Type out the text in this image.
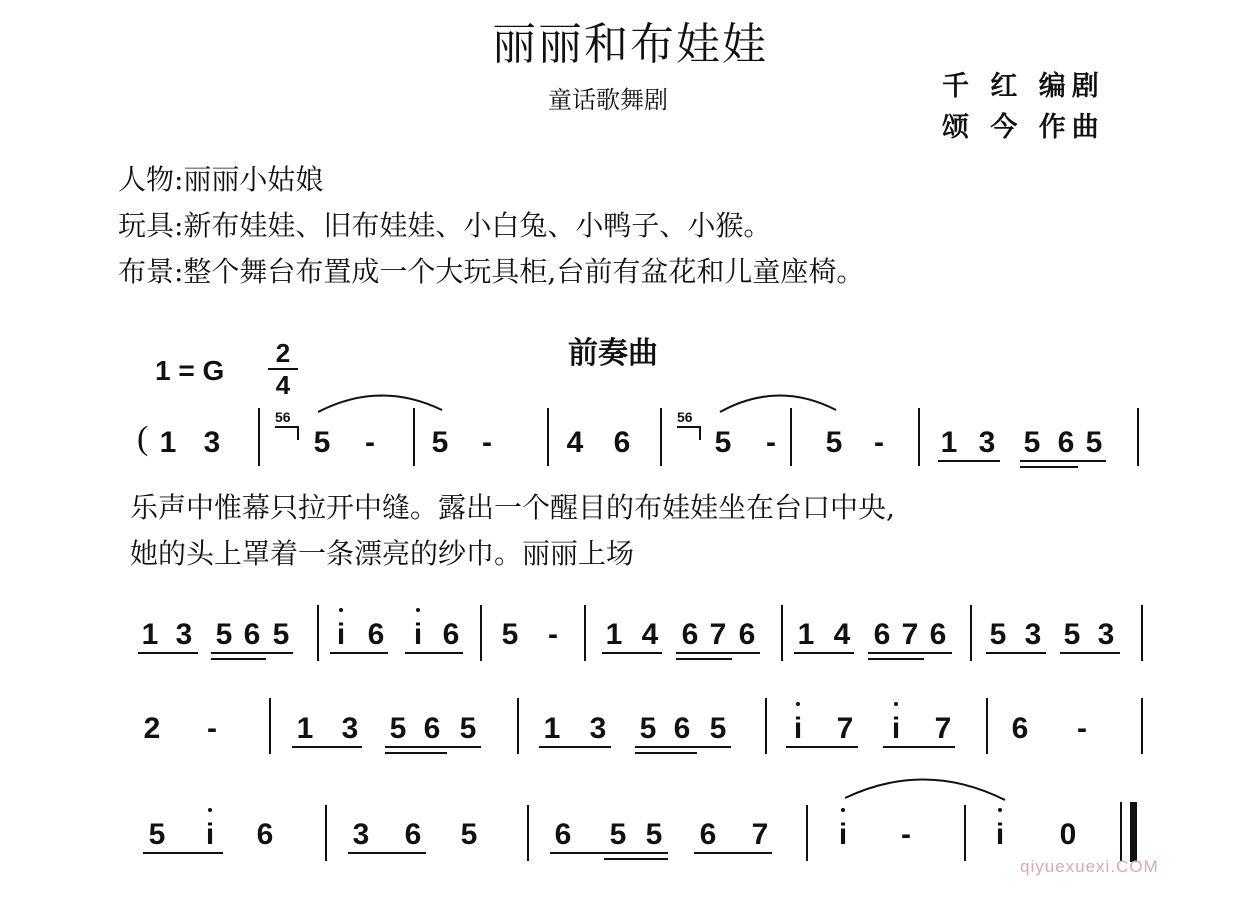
丽丽和布娃娃
童话歌舞剧	千 红 编剧
颂 今 作曲
人物:丽丽小姑娘
玩具:新布娃娃、旧布娃娃、小白兔、小鸭子、小猴。
布景:整个舞台布置成一个大玩具柜,台前有盆花和儿童座椅。
前奏曲
1 = G
2
4
( 1 3
56
5 - 5 - 4 6
56
5 - 5 - 1 3 5 6 5
乐声中惟幕只拉开中缝。露出一个醒目的布娃娃坐在台口中央,
她的头上罩着一条漂亮的纱巾。丽丽上场
1 3 5 6 5 i 6 i 6 5 - 1 4 6 7 6 1 4 6 7 6 5 3 5 3
2 -	1 3 5 6 5 1 3 5 6 5 i 7 i 7 6 -
5 i 6	3 6 5	6 5 5 6 7 i -	i 0
qiyuexuexi.COM
